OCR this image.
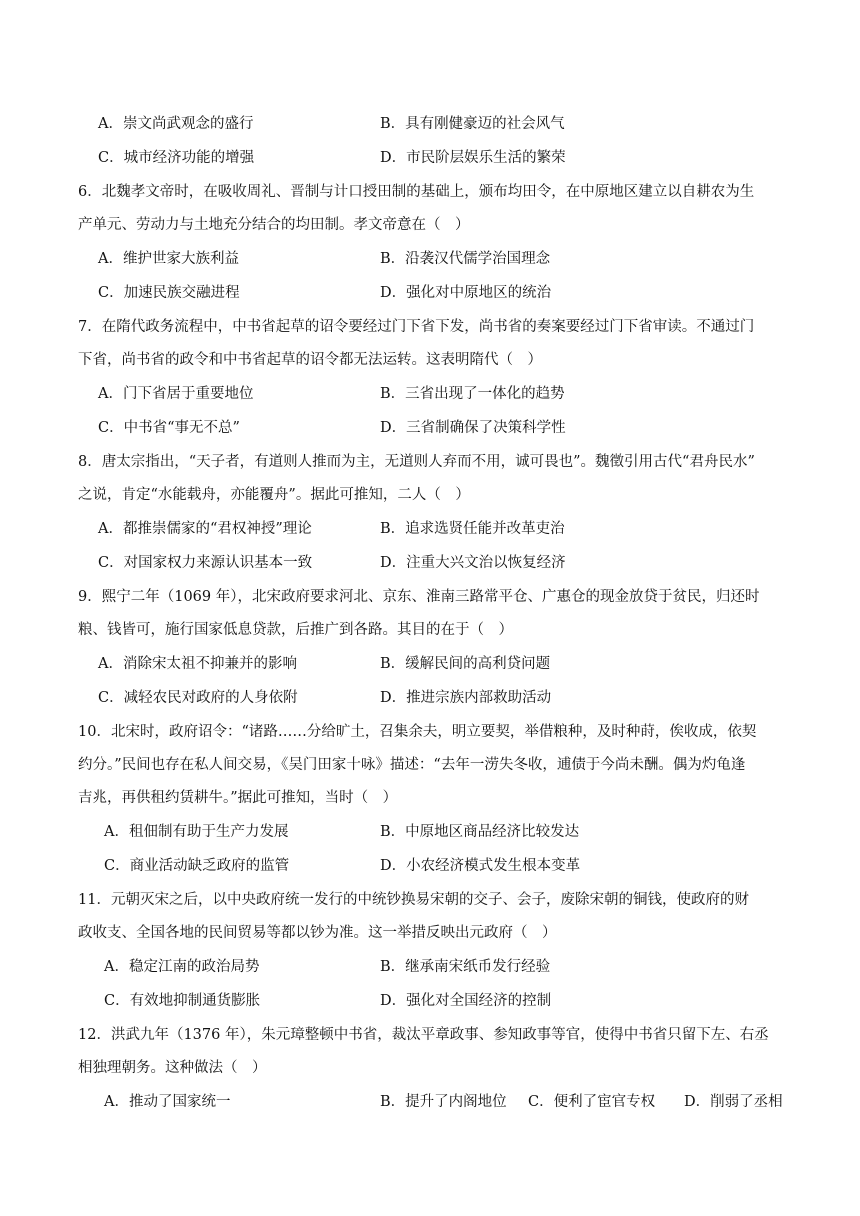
A．崇文尚武观念的盛行	B．具有刚健豪迈的社会风气
C．城市经济功能的增强	D．市民阶层娱乐生活的繁荣
6．北魏孝文帝时，在吸收周礼、晋制与计口授田制的基础上，颁布均田令，在中原地区建立以自耕农为生
产单元、劳动力与土地充分结合的均田制。孝文帝意在（　）
A．维护世家大族利益	B．沿袭汉代儒学治国理念
C．加速民族交融进程	D．强化对中原地区的统治
7．在隋代政务流程中，中书省起草的诏令要经过门下省下发，尚书省的奏案要经过门下省审读。不通过门
下省，尚书省的政令和中书省起草的诏令都无法运转。这表明隋代（　）
A．门下省居于重要地位	B．三省出现了一体化的趋势
C．中书省“事无不总”	D．三省制确保了决策科学性
8．唐太宗指出，“天子者，有道则人推而为主，无道则人弃而不用，诚可畏也”。魏徵引用古代“君舟民水”
之说，肯定“水能载舟，亦能覆舟”。据此可推知，二人（　）
A．都推崇儒家的“君权神授”理论	B．追求选贤任能并改革吏治
C．对国家权力来源认识基本一致	D．注重大兴文治以恢复经济
9．熙宁二年（1069 年），北宋政府要求河北、京东、淮南三路常平仓、广惠仓的现金放贷于贫民，归还时
粮、钱皆可，施行国家低息贷款，后推广到各路。其目的在于（　）
A．消除宋太祖不抑兼并的影响	B．缓解民间的高利贷问题
C．减轻农民对政府的人身依附	D．推进宗族内部救助活动
10．北宋时，政府诏令：“诸路……分给旷土，召集余夫，明立要契，举借粮种，及时种莳，俟收成，依契
约分。”民间也存在私人间交易，《吴门田家十咏》描述：“去年一涝失冬收，逋债于今尚未酬。偶为灼龟逢
吉兆，再供租约赁耕牛。”据此可推知，当时（　）
A．租佃制有助于生产力发展	B．中原地区商品经济比较发达
C．商业活动缺乏政府的监管	D．小农经济模式发生根本变革
11．元朝灭宋之后，以中央政府统一发行的中统钞换易宋朝的交子、会子，废除宋朝的铜钱，使政府的财
政收支、全国各地的民间贸易等都以钞为准。这一举措反映出元政府（　）
A．稳定江南的政治局势	B．继承南宋纸币发行经验
C．有效地抑制通货膨胀	D．强化对全国经济的控制
12．洪武九年（1376 年），朱元璋整顿中书省，裁汰平章政事、参知政事等官，使得中书省只留下左、右丞
相独理朝务。这种做法（　）
A．推动了国家统一	B．提升了内阁地位 C．便利了宦官专权 D．削弱了丞相
